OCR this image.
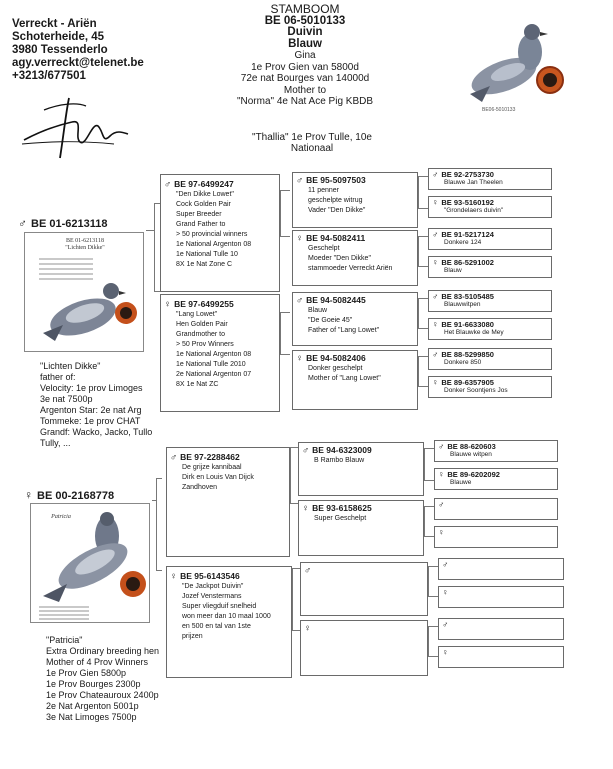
Verreckt - Ariën
Schoterheide, 45
3980 Tessenderlo
agy.verreckt@telenet.be
+3213/677501
STAMBOOM
BE 06-5010133
Duivin
Blauw
Gina
1e Prov Gien van 5800d
72e nat Bourges van 14000d
Mother to
"Norma" 4e Nat Ace Pig KBDB
"Thallia" 1e Prov Tulle, 10e Nationaal
BE06-5010133
♂ BE 01-6213118
BE 01-6213118
"Lichten Dikke"
"Lichten Dikke"
father of:
Velocity: 1e prov Limoges
3e nat 7500p
Argenton Star: 2e nat Arg
Tommeke: 1e prov CHAT
Grandf: Wacko, Jacko, Tullo
Tully, ...
♀ BE 00-2168778
Patricia
"Patricia"
Extra Ordinary breeding hen
Mother of 4 Prov Winners
1e Prov Gien 5800p
1e Prov Bourges 2300p
1e Prov Chateauroux 2400p
2e Nat Argenton 5001p
3e Nat Limoges 7500p
♂ BE 97-6499247
"Den Dikke Lowet"
Cock Golden Pair
Super Breeder
Grand Father to
> 50 provincial winners
1e National Argenton 08
1e National Tulle 10
8X 1e Nat Zone C
♀ BE 97-6499255
"Lang Lowet"
Hen Golden Pair
Grandmother to
> 50 Prov Winners
1e National Argenton 08
1e National Tulle 2010
2e National Argenton 07
8X 1e Nat ZC
♂ BE 97-2288462
De grijze kannibaal
Dirk en Louis Van Dijck
Zandhoven
♀ BE 95-6143546
"De Jackpot Duivin"
Jozef Venstermans
Super vliegduif snelheid
won meer dan 10 maal 1000
en 500 en tal van 1ste
prijzen
♂ BE 95-5097503
11 penner
geschelpte witrug
Vader "Den Dikke"
♀ BE 94-5082411
Geschelpt
Moeder "Den Dikke"
stammoeder Verreckt Ariën
♂ BE 94-5082445
Blauw
"De Goeie 45"
Father of "Lang Lowet"
♀ BE 94-5082406
Donker geschelpt
Mother of "Lang Lowet"
♂ BE 94-6323009
B Rambo Blauw
♀ BE 93-6158625
Super Geschelpt
♂
♀
♂ BE 92-2753730
Blauwe Jan Theelen
♀ BE 93-5160192
"Grondelaers duivin"
♂ BE 91-5217124
Donkere 124
♀ BE 86-5291002
Blauw
♂ BE 83-5105485
Blauwwitpen
♀ BE 91-6633080
Het Blauwke de Mey
♂ BE 88-5299850
Donkere 850
♀ BE 89-6357905
Donker Soontjens Jos
♂ BE 88-620603
Blauwe witpen
♀ BE 89-6202092
Blauwe
♂
♀
♂
♀
♂
♀
